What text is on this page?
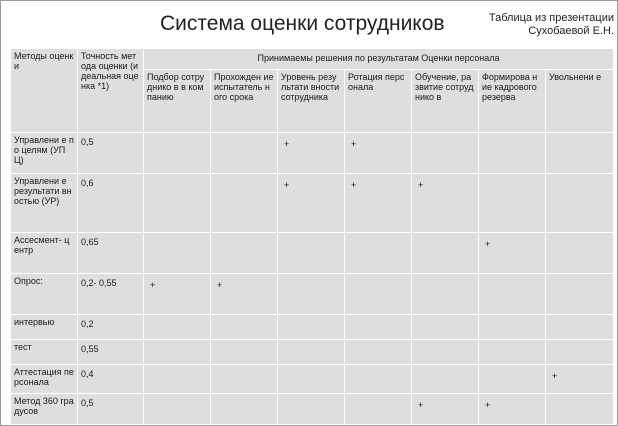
Система оценки сотрудников	Таблица из презентации
Сухобаевой Е.Н.
Методы оценки	Точность метода оценки (идеальная оценка *1)	Принимаемы решения по результатам Оценки персонала						
		Подбор сотруднико в в компанию	Прохожден ие испытатель ного срока	Уровень результати вности сотрудника	Ротация персонала	Обучение, развитие сотруднико в	Формирова ние кадрового резерва	Увольнени е
Управлени е по целям (УПЦ)	0,5			+	+			
Управлени е результати вностью (УР)	0,6			+	+	+		
Ассесмент- центр	0,65						+	
Опрос:	0,2- 0,55	+	+					
интервью	0,2							
тест	0,55							
Аттестация персонала	0,4							+
Метод 360 градусов	0,5					+	+	
